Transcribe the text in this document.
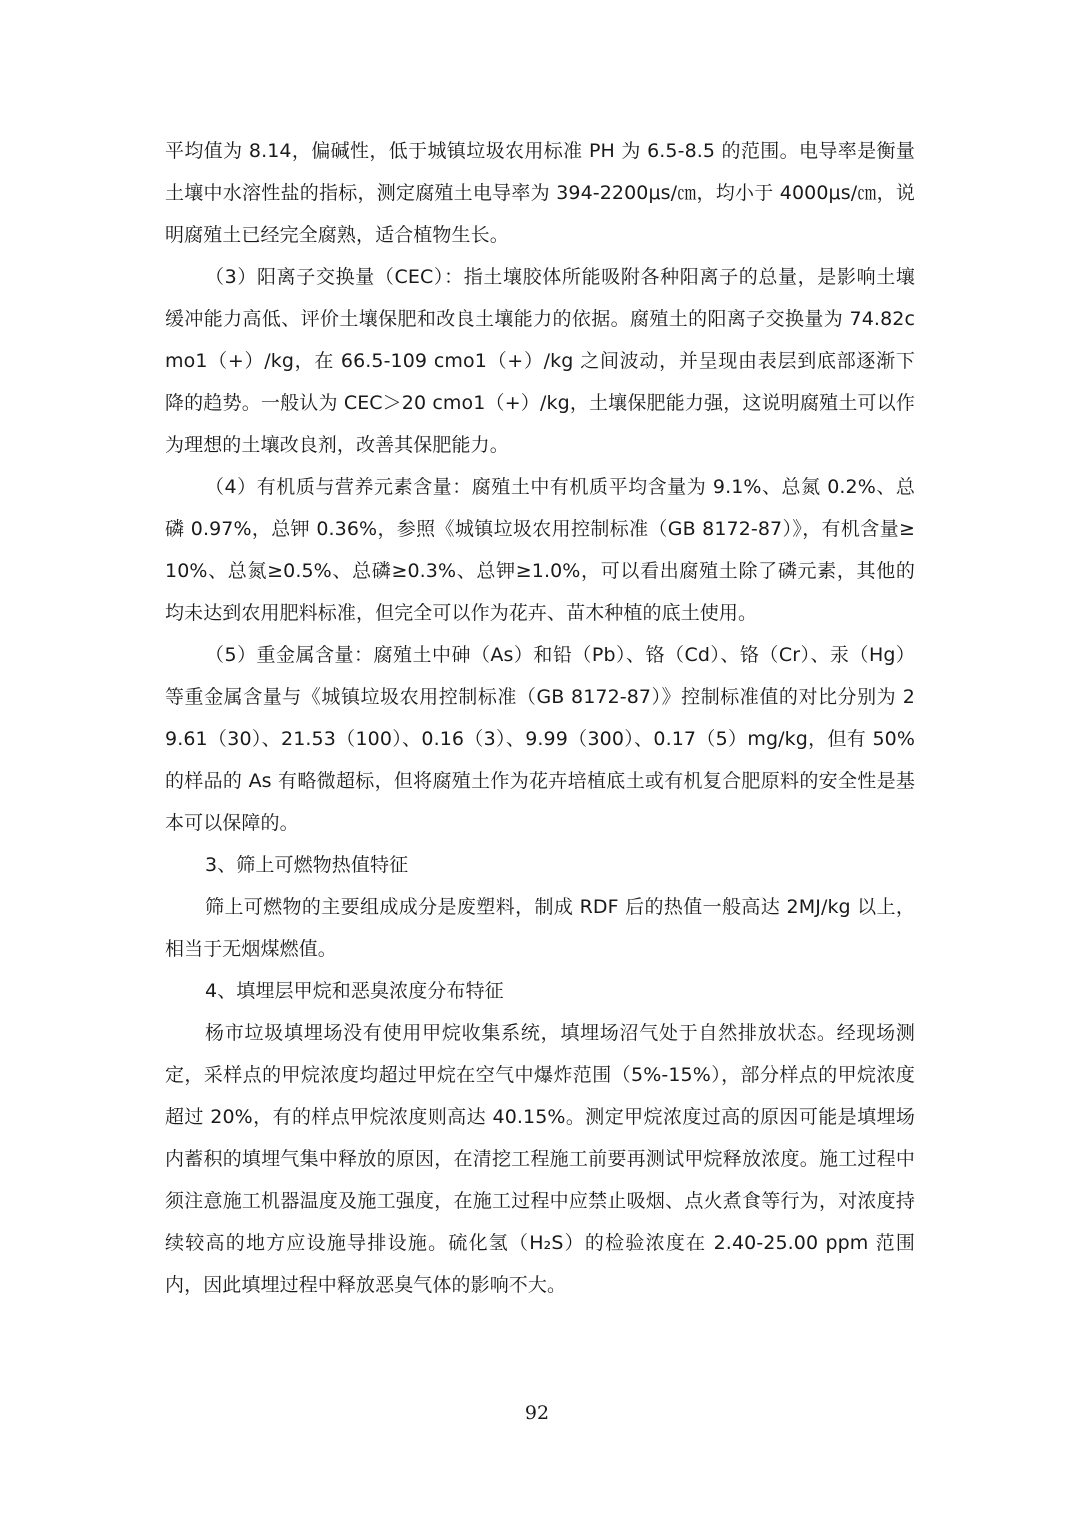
平均值为 8.14，偏碱性，低于城镇垃圾农用标准 PH 为 6.5-8.5 的范围。电导率是衡量土壤中水溶性盐的指标，测定腐殖土电导率为 394-2200μs/㎝，均小于 4000μs/㎝，说明腐殖土已经完全腐熟，适合植物生长。

（3）阳离子交换量（CEC）：指土壤胶体所能吸附各种阳离子的总量，是影响土壤缓冲能力高低、评价土壤保肥和改良土壤能力的依据。腐殖土的阳离子交换量为 74.82cmo1（+）/kg，在 66.5-109 cmo1（+）/kg 之间波动，并呈现由表层到底部逐渐下降的趋势。一般认为 CEC＞20 cmo1（+）/kg，土壤保肥能力强，这说明腐殖土可以作为理想的土壤改良剂，改善其保肥能力。

（4）有机质与营养元素含量：腐殖土中有机质平均含量为 9.1%、总氮 0.2%、总磷 0.97%，总钾 0.36%，参照《城镇垃圾农用控制标准（GB 8172-87）》，有机含量≥10%、总氮≥0.5%、总磷≥0.3%、总钾≥1.0%，可以看出腐殖土除了磷元素，其他的均未达到农用肥料标准，但完全可以作为花卉、苗木种植的底土使用。

（5）重金属含量：腐殖土中砷（As）和铅（Pb）、铬（Cd）、铬（Cr）、汞（Hg）等重金属含量与《城镇垃圾农用控制标准（GB 8172-87）》控制标准值的对比分别为 29.61（30）、21.53（100）、0.16（3）、9.99（300）、0.17（5）mg/kg，但有 50%的样品的 As 有略微超标，但将腐殖土作为花卉培植底土或有机复合肥原料的安全性是基本可以保障的。

3、筛上可燃物热值特征

筛上可燃物的主要组成成分是废塑料，制成 RDF 后的热值一般高达 2MJ/kg 以上，相当于无烟煤燃值。

4、填埋层甲烷和恶臭浓度分布特征

杨市垃圾填埋场没有使用甲烷收集系统，填埋场沼气处于自然排放状态。经现场测定，采样点的甲烷浓度均超过甲烷在空气中爆炸范围（5%-15%），部分样点的甲烷浓度超过 20%，有的样点甲烷浓度则高达 40.15%。测定甲烷浓度过高的原因可能是填埋场内蓄积的填埋气集中释放的原因，在清挖工程施工前要再测试甲烷释放浓度。施工过程中须注意施工机器温度及施工强度，在施工过程中应禁止吸烟、点火煮食等行为，对浓度持续较高的地方应设施导排设施。硫化氢（H₂S）的检验浓度在 2.40-25.00 ppm 范围内，因此填埋过程中释放恶臭气体的影响不大。

92
